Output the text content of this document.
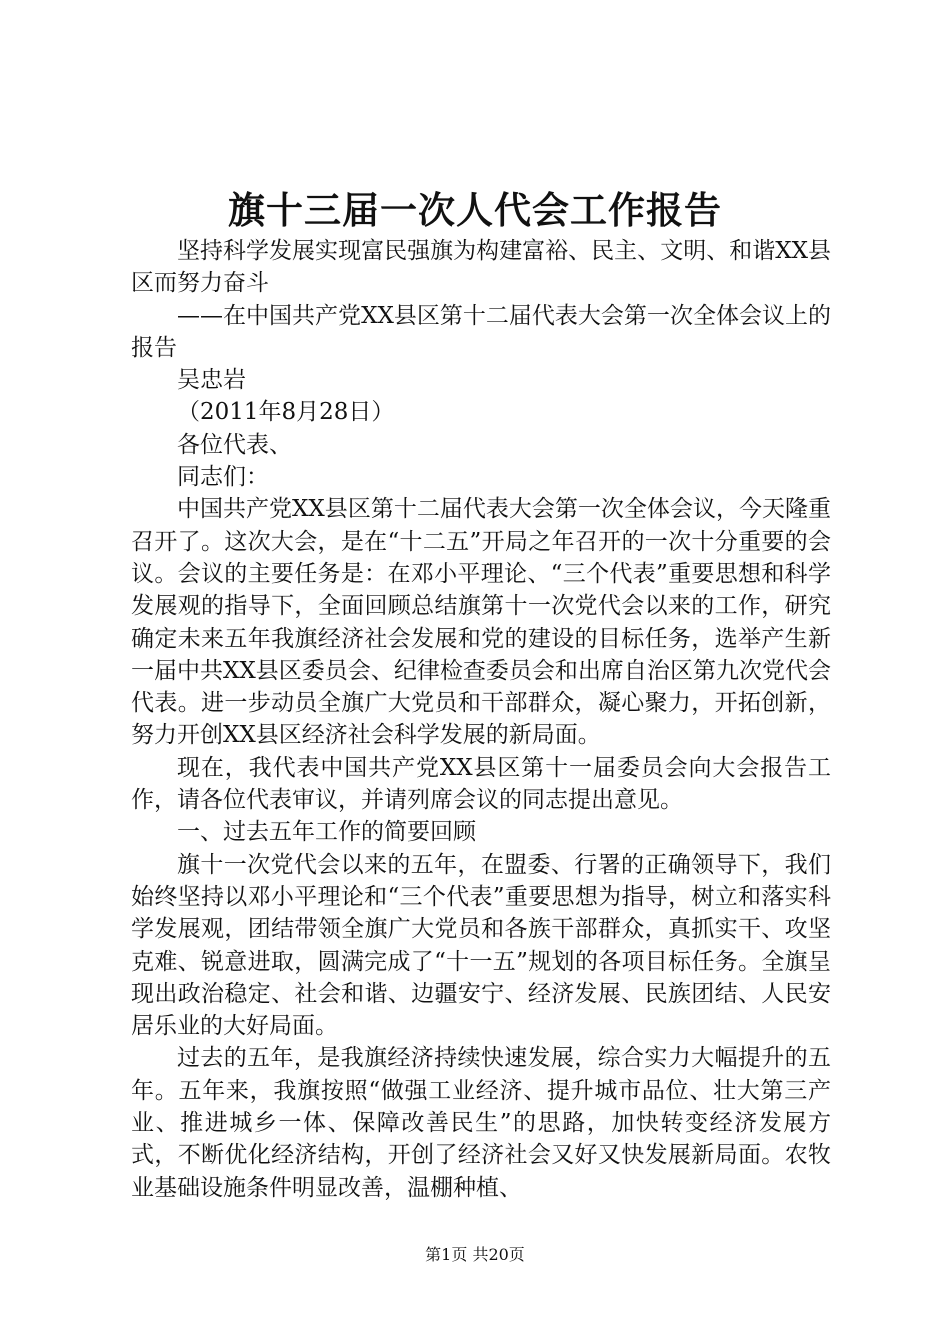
旗十三届一次人代会工作报告

坚持科学发展实现富民强旗为构建富裕、民主、文明、和谐XX县区而努力奋斗

——在中国共产党XX县区第十二届代表大会第一次全体会议上的报告

吴忠岩

（2011年8月28日）

各位代表、

同志们：

中国共产党XX县区第十二届代表大会第一次全体会议，今天隆重召开了。这次大会，是在“十二五”开局之年召开的一次十分重要的会议。会议的主要任务是：在邓小平理论、“三个代表”重要思想和科学发展观的指导下，全面回顾总结旗第十一次党代会以来的工作，研究确定未来五年我旗经济社会发展和党的建设的目标任务，选举产生新一届中共XX县区委员会、纪律检查委员会和出席自治区第九次党代会代表。进一步动员全旗广大党员和干部群众，凝心聚力，开拓创新，努力开创XX县区经济社会科学发展的新局面。

现在，我代表中国共产党XX县区第十一届委员会向大会报告工作，请各位代表审议，并请列席会议的同志提出意见。

一、过去五年工作的简要回顾

旗十一次党代会以来的五年，在盟委、行署的正确领导下，我们始终坚持以邓小平理论和“三个代表”重要思想为指导，树立和落实科学发展观，团结带领全旗广大党员和各族干部群众，真抓实干、攻坚克难、锐意进取，圆满完成了“十一五”规划的各项目标任务。全旗呈现出政治稳定、社会和谐、边疆安宁、经济发展、民族团结、人民安居乐业的大好局面。

过去的五年，是我旗经济持续快速发展，综合实力大幅提升的五年。五年来，我旗按照“做强工业经济、提升城市品位、壮大第三产业、推进城乡一体、保障改善民生”的思路，加快转变经济发展方式，不断优化经济结构，开创了经济社会又好又快发展新局面。农牧业基础设施条件明显改善，温棚种植、

第1页 共20页
